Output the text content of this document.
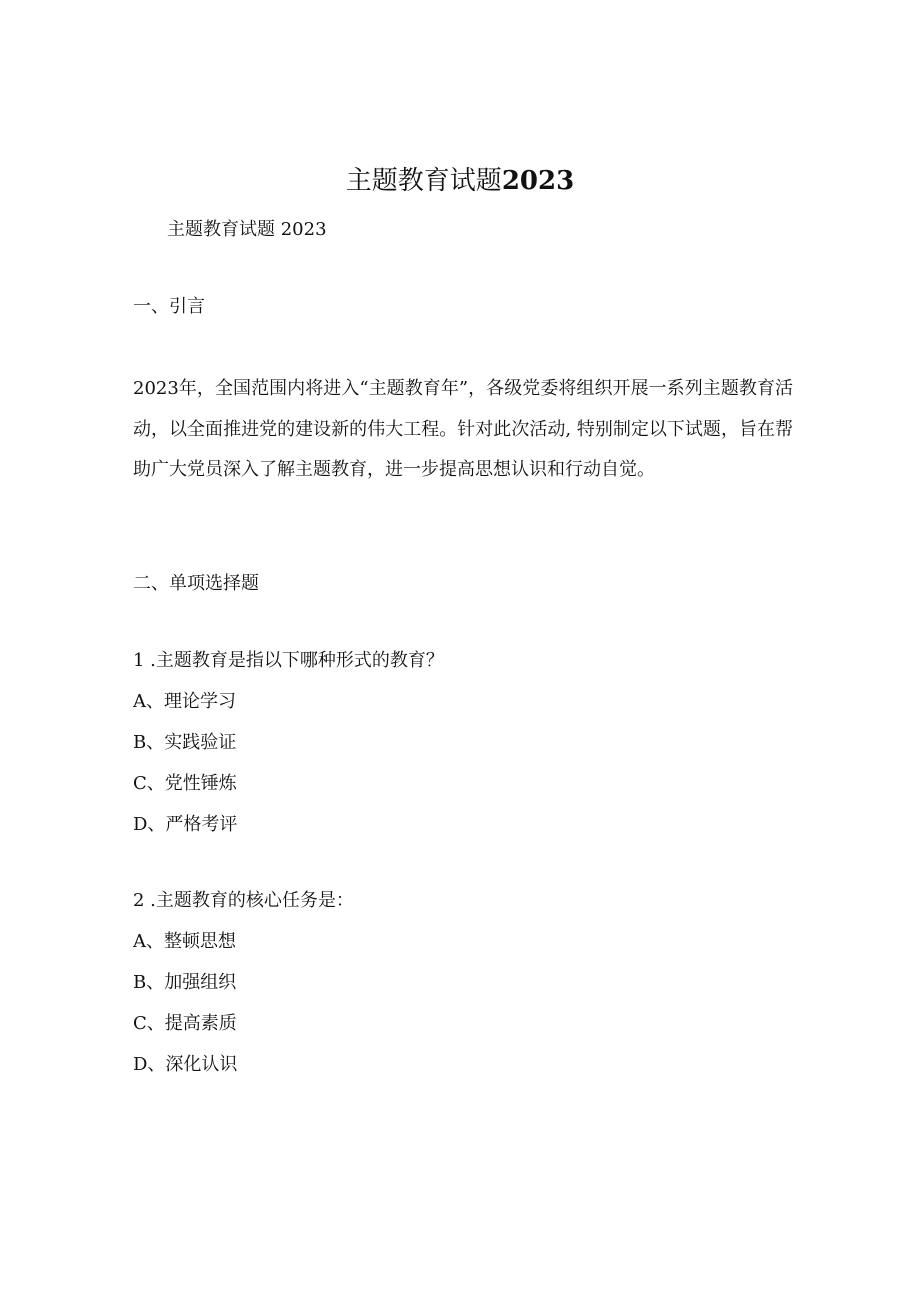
主题教育试题2023
主题教育试题 2023
一、引言
2023年，全国范围内将进入“主题教育年”，各级党委将组织开展一系列主题教育活动，以全面推进党的建设新的伟大工程。针对此次活动, 特别制定以下试题，旨在帮助广大党员深入了解主题教育，进一步提高思想认识和行动自觉。
二、单项选择题
1 .主题教育是指以下哪种形式的教育？
A、理论学习
B、实践验证
C、党性锤炼
D、严格考评
2 .主题教育的核心任务是：
A、整顿思想
B、加强组织
C、提高素质
D、深化认识
